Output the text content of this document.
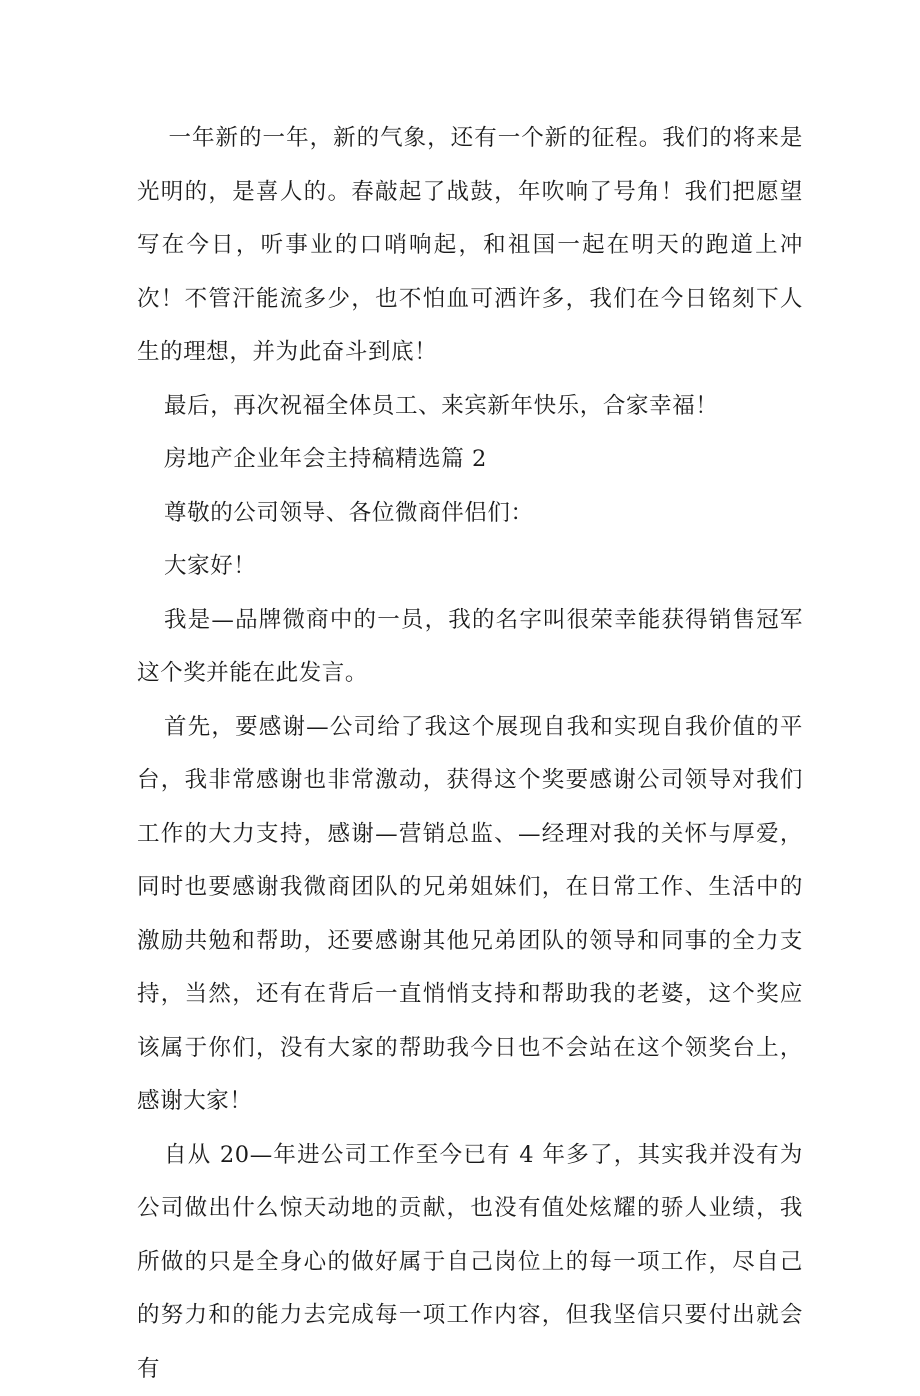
一年新的一年，新的气象，还有一个新的征程。我们的将来是光明的，是喜人的。春敲起了战鼓，年吹响了号角！我们把愿望写在今日，听事业的口哨响起，和祖国一起在明天的跑道上冲次！不管汗能流多少，也不怕血可洒许多，我们在今日铭刻下人生的理想，并为此奋斗到底！

最后，再次祝福全体员工、来宾新年快乐，合家幸福！

房地产企业年会主持稿精选篇 2

尊敬的公司领导、各位微商伴侣们：

大家好！

我是—品牌微商中的一员，我的名字叫很荣幸能获得销售冠军这个奖并能在此发言。

首先，要感谢—公司给了我这个展现自我和实现自我价值的平台，我非常感谢也非常激动，获得这个奖要感谢公司领导对我们工作的大力支持，感谢—营销总监、—经理对我的关怀与厚爱，同时也要感谢我微商团队的兄弟姐妹们，在日常工作、生活中的激励共勉和帮助，还要感谢其他兄弟团队的领导和同事的全力支持，当然，还有在背后一直悄悄支持和帮助我的老婆，这个奖应该属于你们，没有大家的帮助我今日也不会站在这个领奖台上，感谢大家！

自从 20—年进公司工作至今已有 4 年多了，其实我并没有为公司做出什么惊天动地的贡献，也没有值处炫耀的骄人业绩，我所做的只是全身心的做好属于自己岗位上的每一项工作，尽自己的努力和的能力去完成每一项工作内容，但我坚信只要付出就会有
